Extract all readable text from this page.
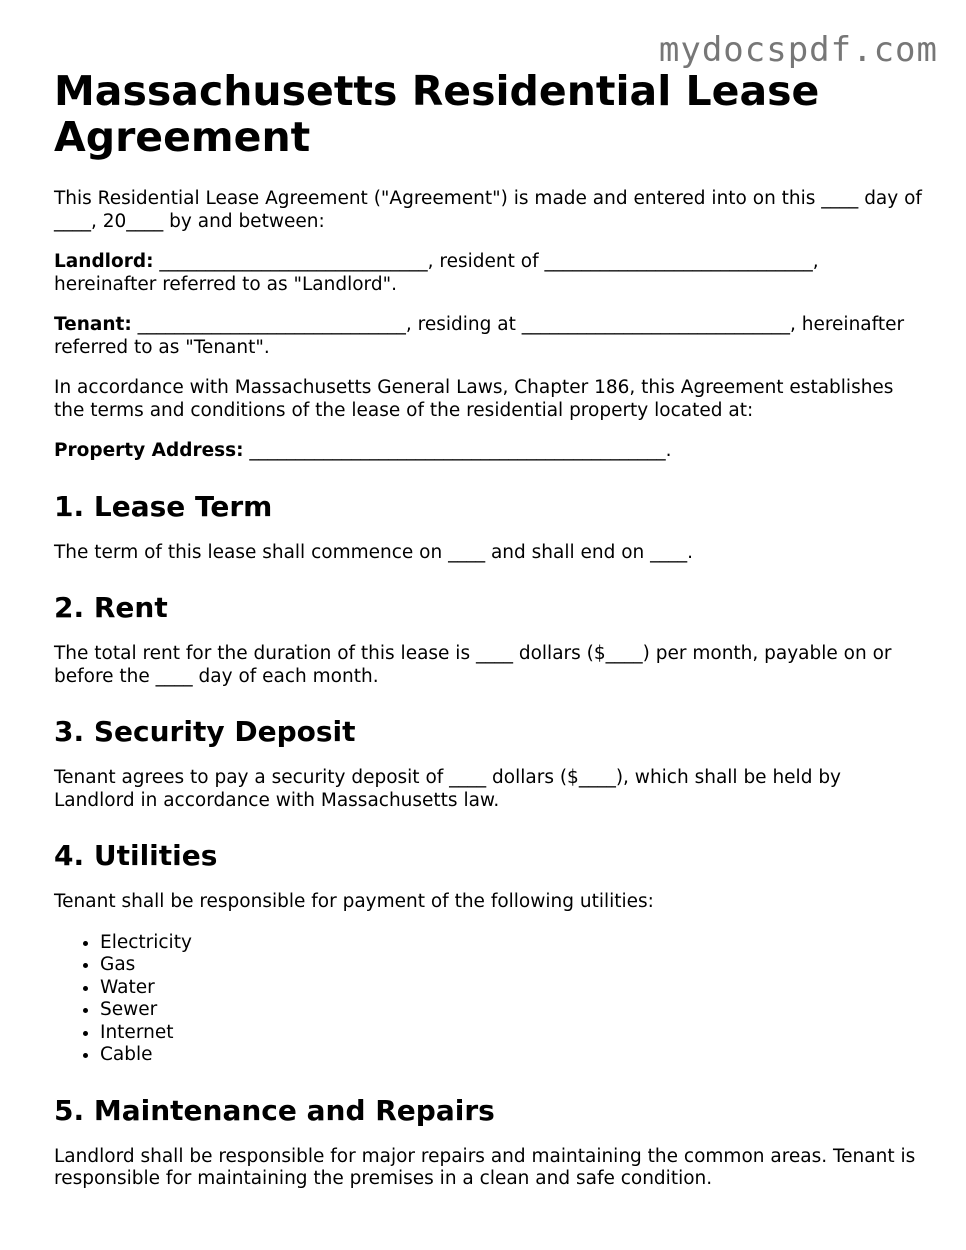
mydocspdf.com
Massachusetts Residential Lease Agreement

This Residential Lease Agreement ("Agreement") is made and entered into on this ____ day of ____, 20____ by and between:

Landlord: _____________________________, resident of _____________________________, hereinafter referred to as "Landlord".

Tenant: _____________________________, residing at _____________________________, hereinafter referred to as "Tenant".

In accordance with Massachusetts General Laws, Chapter 186, this Agreement establishes the terms and conditions of the lease of the residential property located at:

Property Address: _____________________________________________.

1. Lease Term

The term of this lease shall commence on ____ and shall end on ____.

2. Rent

The total rent for the duration of this lease is ____ dollars ($____) per month, payable on or before the ____ day of each month.

3. Security Deposit

Tenant agrees to pay a security deposit of ____ dollars ($____), which shall be held by Landlord in accordance with Massachusetts law.

4. Utilities

Tenant shall be responsible for payment of the following utilities:

• Electricity
• Gas
• Water
• Sewer
• Internet
• Cable
5. Maintenance and Repairs

Landlord shall be responsible for major repairs and maintaining the common areas. Tenant is responsible for maintaining the premises in a clean and safe condition.
